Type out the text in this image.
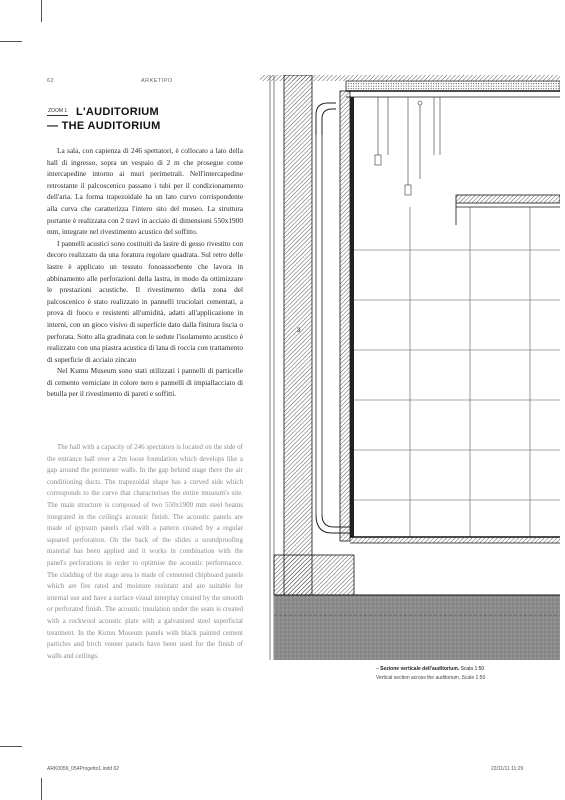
62	ARKETIPO
ZOOM 1 L'AUDITORIUM
— THE AUDITORIUM

La sala, con capienza di 246 spettatori, è collocato a lato della hall di ingresso, sopra un vespaio di 2 m che prosegue come intercapedine intorno ai muri perimetrali. Nell'intercapedine retrostante il palcoscenico passano i tubi per il condizionamento dell'aria. La forma trapezoidale ha un lato curvo corrispondente alla curva che caratterizza l'intero sito del museo. La struttura portante è realizzata con 2 travi in acciaio di dimensioni 550x1900 mm, integrate nel rivestimento acustico del soffitto.

I pannelli acustici sono costituiti da lastre di gesso rivestito con decoro realizzato da una foratura regolare quadrata. Sul retro delle lastre è applicato un tessuto fonoassorbente che lavora in abbinamento alle perforazioni della lastra, in modo da ottimizzare le prestazioni acustiche. Il rivestimento della zona del palcoscenico è stato realizzato in pannelli truciolari cementati, a prova di fuoco e resistenti all'umidità, adatti all'applicazione in interni, con un gioco visivo di superficie dato dalla finitura liscia o perforata. Sotto alla gradinata con le sedute l'isolamento acustico è realizzato con una piastra acustica di lana di roccia con trattamento di superficie di acciaio zincato

Nel Kumu Museum sono stati utilizzati i pannelli di particelle di cemento verniciate in colore nero e pannelli di impiallacciato di betulla per il rivestimento di pareti e soffitti.

The hall with a capacity of 246 spectators is located on the side of the entrance hall over a 2m loose foundation which develops like a gap around the perimeter walls. In the gap behind stage there the air conditioning ducts. The trapezoidal shape has a curved side which corresponds to the curve that characterises the entire museum's site. The main structure is composed of two 550x1900 mm steel beams integrated in the ceiling's acoustic finish. The acoustic panels are made of gypsum panels clad with a pattern created by a regular squared perforation. On the back of the slides a soundproofing material has been applied and it works in combination with the panel's perforations in order to optimise the acoustic performance. The cladding of the stage area is made of cemented chipboard panels which are fire rated and moisture resistant and are suitable for internal use and have a surface visual interplay created by the smooth or perforated finish. The acoustic insulation under the seats is created with a rockwool acoustic plate with a galvanised steel superficial treatment. In the Kumu Museum panels with black painted cement particles and birch veneer panels have been used for the finish of walls and ceilings.

3
– Sezione verticale dell'auditorium. Scala 1:50
Vertical section across the auditorium. Scale 1:50
ARK0059_054Progetto1.indd 62	22/11/11 11:29
